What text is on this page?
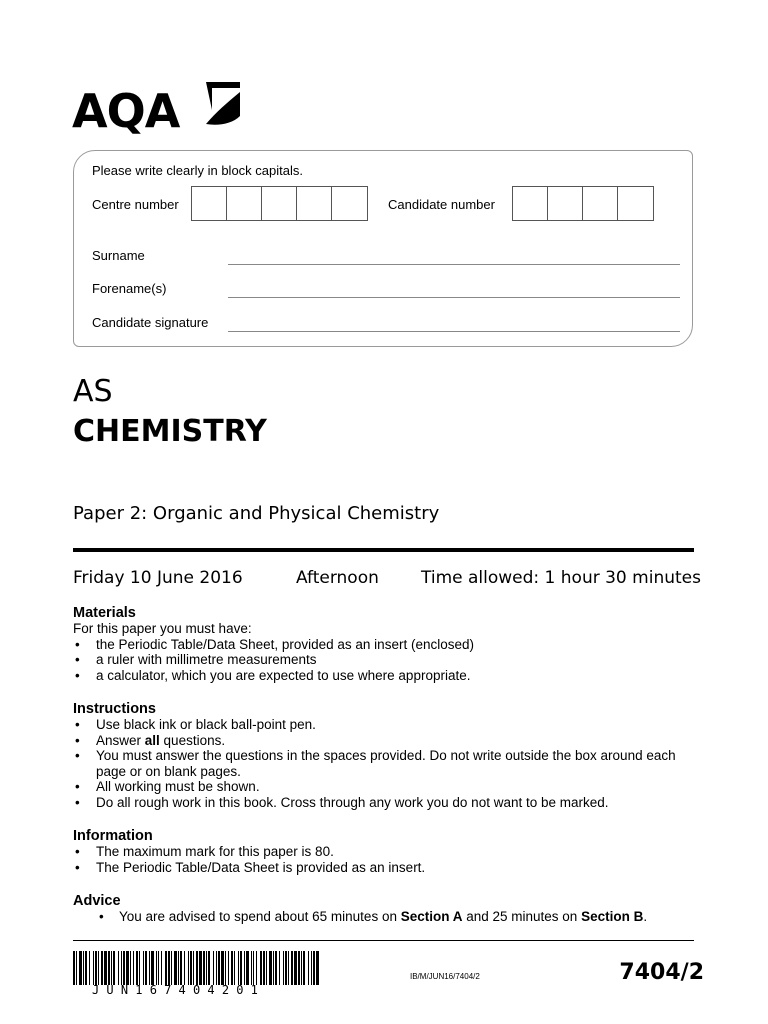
AQA
Please write clearly in block capitals.
Centre number	Candidate number
Surname
Forename(s)
Candidate signature
AS
CHEMISTRY
Paper 2: Organic and Physical Chemistry
Friday 10 June 2016	Afternoon Time allowed: 1 hour 30 minutes
Materials
For this paper you must have:
• the Periodic Table/Data Sheet, provided as an insert (enclosed)
• a ruler with millimetre measurements
• a calculator, which you are expected to use where appropriate.
Instructions
• Use black ink or black ball-point pen.
• Answer all questions.
• You must answer the questions in the spaces provided. Do not write outside the box around each page or on blank pages.
• All working must be shown.
• Do all rough work in this book. Cross through any work you do not want to be marked.
Information
• The maximum mark for this paper is 80.
• The Periodic Table/Data Sheet is provided as an insert.
Advice
• You are advised to spend about 65 minutes on Section A and 25 minutes on Section B.
JUN167404201
IB/M/JUN16/7404/2	7404/2
